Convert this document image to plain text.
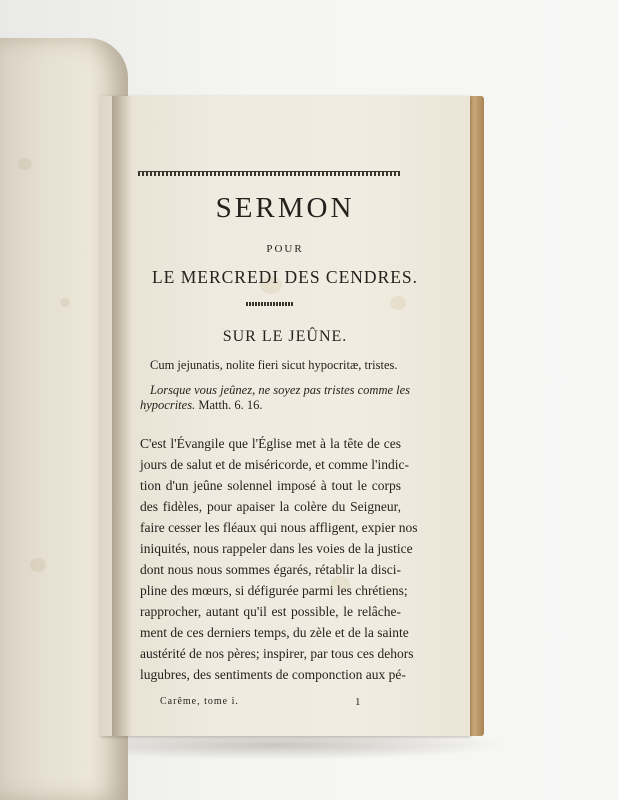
SERMON
POUR
LE MERCREDI DES CENDRES.
SUR LE JEÛNE.
Cum jejunatis, nolite fieri sicut hypocritæ, tristes.
Lorsque vous jeûnez, ne soyez pas tristes comme les
hypocrites. Matth. 6. 16.
C'est l'Évangile que l'Église met à la tête de ces
jours de salut et de miséricorde, et comme l'indic-
tion d'un jeûne solennel imposé à tout le corps
des fidèles, pour apaiser la colère du Seigneur,
faire cesser les fléaux qui nous affligent, expier nos
iniquités, nous rappeler dans les voies de la justice
dont nous nous sommes égarés, rétablir la disci-
pline des mœurs, si défigurée parmi les chrétiens;
rapprocher, autant qu'il est possible, le relâche-
ment de ces derniers temps, du zèle et de la sainte
austérité de nos pères; inspirer, par tous ces dehors
lugubres, des sentiments de componction aux pé-
Carême, tome i.	1
